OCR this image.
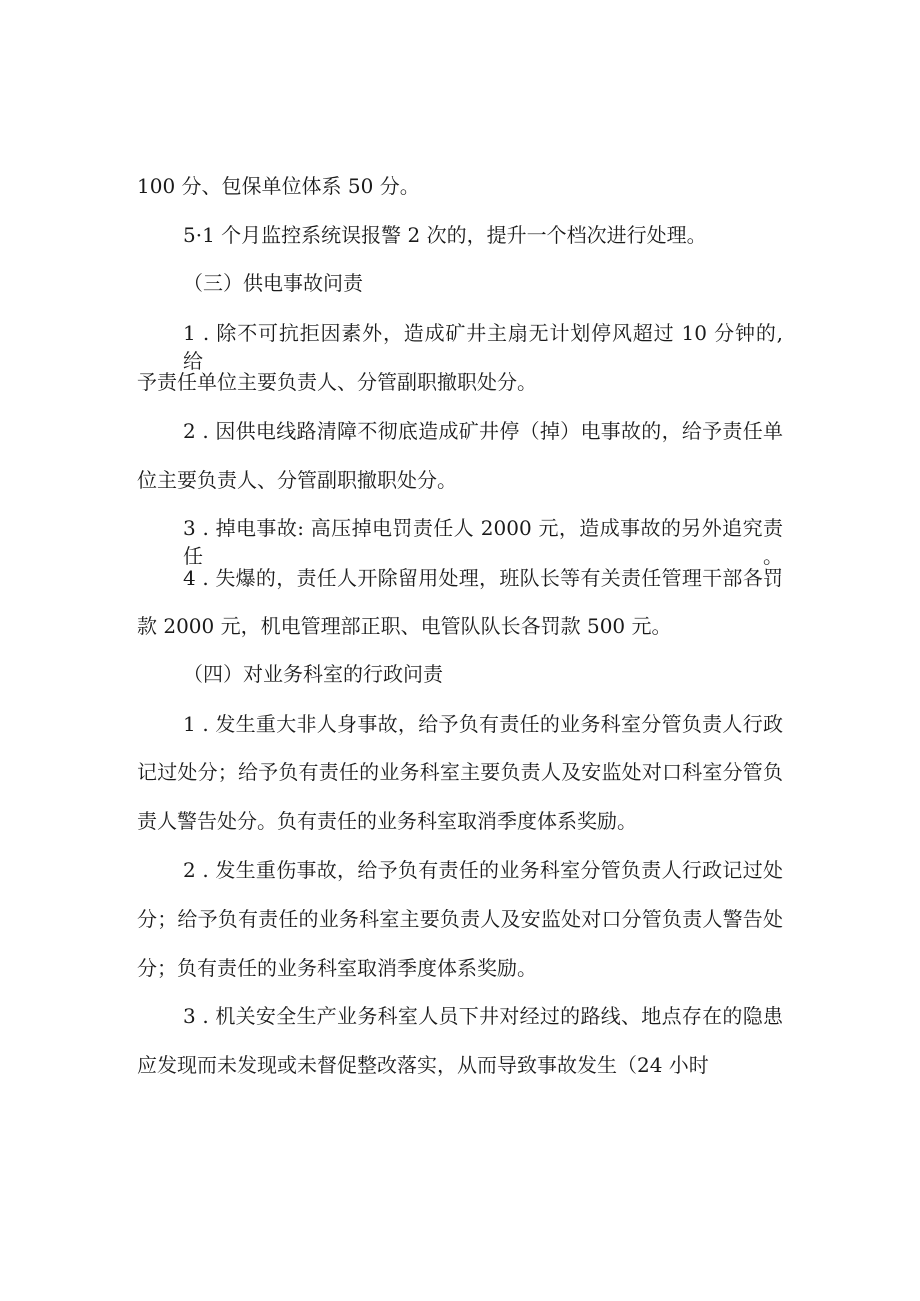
100 分、包保单位体系 50 分。
5·1 个月监控系统误报警 2 次的，提升一个档次进行处理。
（三）供电事故问责
1 . 除不可抗拒因素外，造成矿井主扇无计划停风超过 10 分钟的, 给
予责任单位主要负责人、分管副职撤职处分。
2 . 因供电线路清障不彻底造成矿井停（掉）电事故的，给予责任单
位主要负责人、分管副职撤职处分。
3 . 掉电事故: 高压掉电罚责任人 2000 元，造成事故的另外追究责任。
4 . 失爆的，责任人开除留用处理，班队长等有关责任管理干部各罚
款 2000 元，机电管理部正职、电管队队长各罚款 500 元。
（四）对业务科室的行政问责
1 . 发生重大非人身事故，给予负有责任的业务科室分管负责人行政
记过处分；给予负有责任的业务科室主要负责人及安监处对口科室分管负
责人警告处分。负有责任的业务科室取消季度体系奖励。
2 . 发生重伤事故，给予负有责任的业务科室分管负责人行政记过处
分；给予负有责任的业务科室主要负责人及安监处对口分管负责人警告处
分；负有责任的业务科室取消季度体系奖励。
3 . 机关安全生产业务科室人员下井对经过的路线、地点存在的隐患
应发现而未发现或未督促整改落实，从而导致事故发生（24 小时
